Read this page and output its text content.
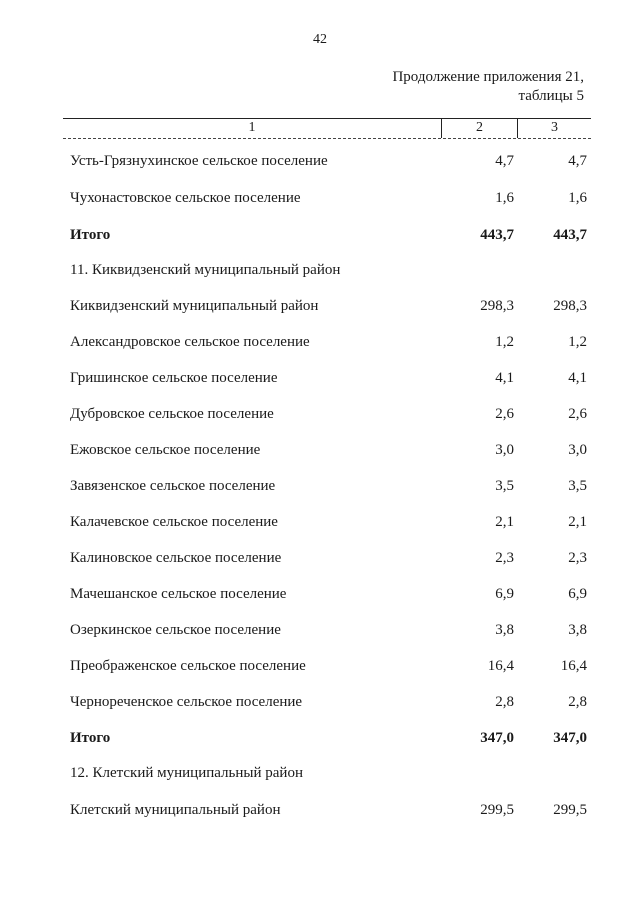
42
Продолжение приложения 21,
таблицы 5
1	2	3
Усть-Грязнухинское сельское поселение	4,7	4,7
Чухонастовское сельское поселение	1,6	1,6
Итого	443,7	443,7
11. Киквидзенский муниципальный район
Киквидзенский муниципальный район	298,3	298,3
Александровское сельское поселение	1,2	1,2
Гришинское сельское поселение	4,1	4,1
Дубровское сельское поселение	2,6	2,6
Ежовское сельское поселение	3,0	3,0
Завязенское сельское поселение	3,5	3,5
Калачевское сельское поселение	2,1	2,1
Калиновское сельское поселение	2,3	2,3
Мачешанское сельское поселение	6,9	6,9
Озеркинское сельское поселение	3,8	3,8
Преображенское сельское поселение	16,4	16,4
Чернореченское сельское поселение	2,8	2,8
Итого	347,0	347,0
12. Клетский муниципальный район
Клетский муниципальный район	299,5	299,5
